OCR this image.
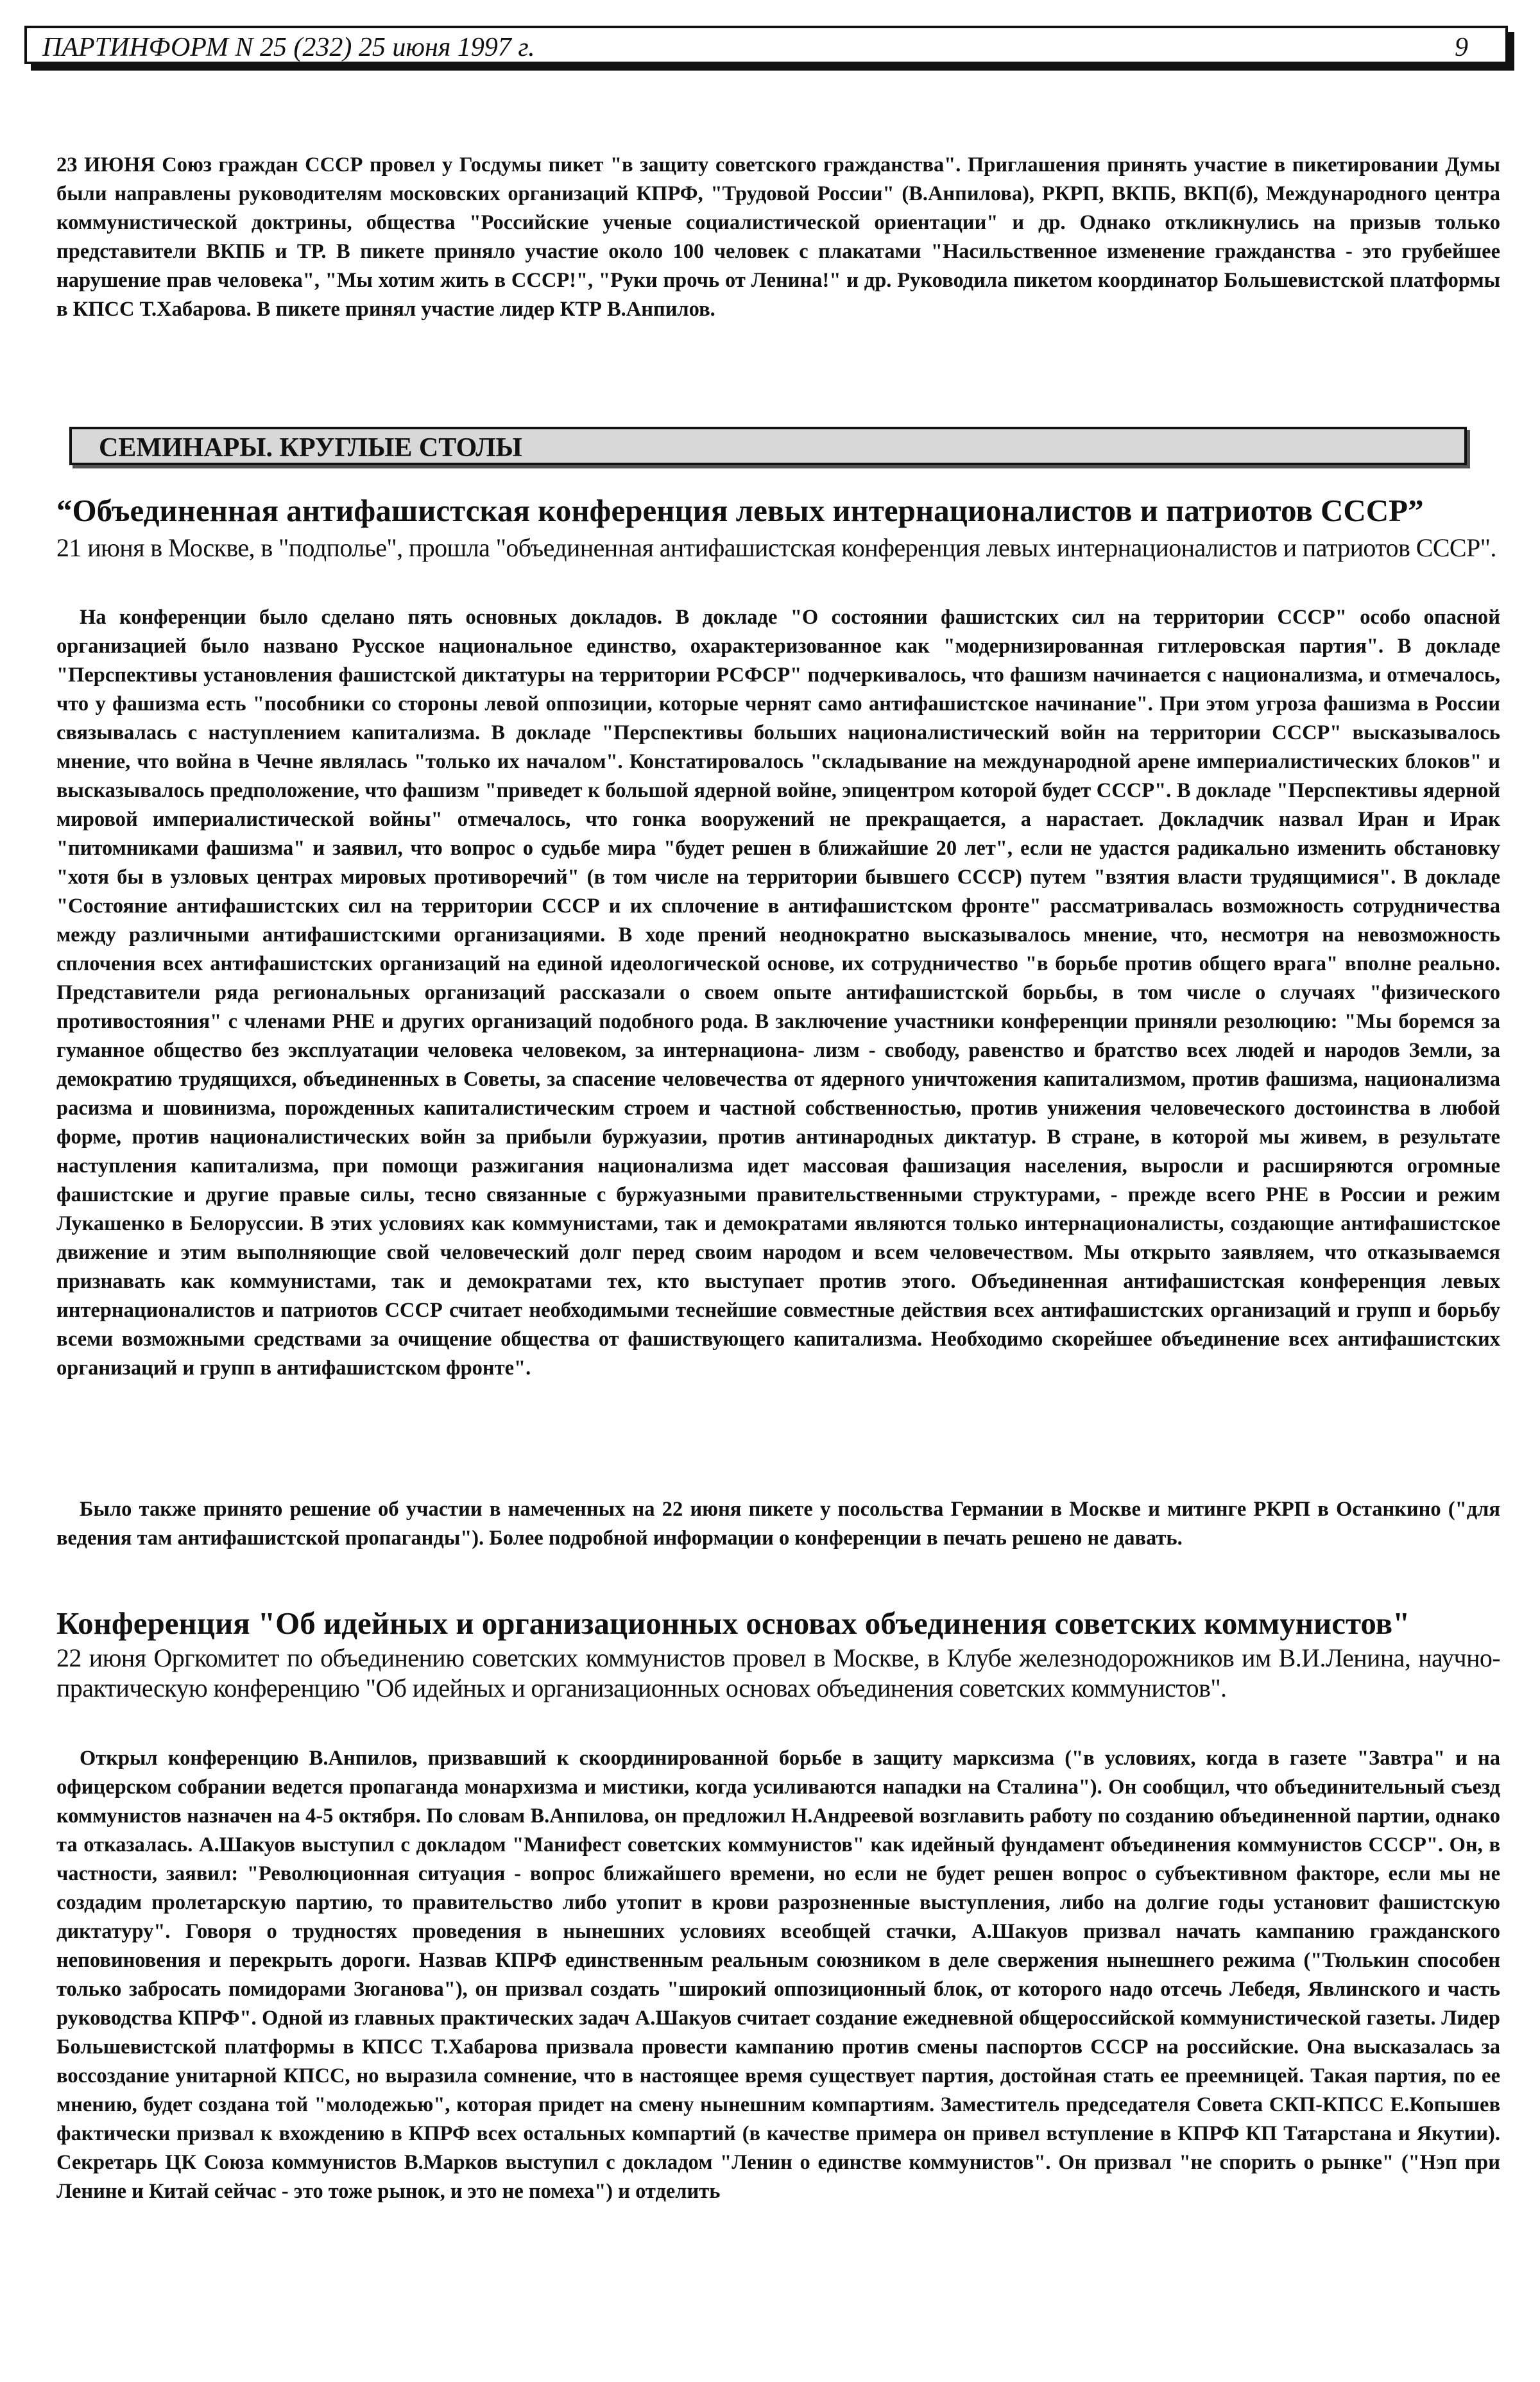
ПАРТИНФОРМ N 25 (232) 25 июня 1997 г.	9

23 ИЮНЯ Союз граждан СССР провел у Госдумы пикет "в защиту советского гражданства". Приглашения принять участие в пикетировании Думы были направлены руководителям московских организаций КПРФ, "Трудовой России" (В.Анпилова), РКРП, ВКПБ, ВКП(б), Международного центра коммунистической доктрины, общества "Российские ученые социалистической ориентации" и др. Однако откликнулись на призыв только представители ВКПБ и ТР. В пикете приняло участие около 100 человек с плакатами "Насильственное изменение гражданства - это грубейшее нарушение прав человека", "Мы хотим жить в СССР!", "Руки прочь от Ленина!" и др. Руководила пикетом координатор Большевистской платформы в КПСС Т.Хабарова. В пикете принял участие лидер КТР В.Анпилов.

СЕМИНАРЫ. КРУГЛЫЕ СТОЛЫ
“Объединенная антифашистская конференция левых интернационалистов и патриотов СССР”

21 июня в Москве, в "подполье", прошла "объединенная антифашистская конференция левых интернационалистов и патриотов СССР".

На конференции было сделано пять основных докладов. В докладе "О состоянии фашистских сил на территории СССР" особо опасной организацией было названо Русское национальное единство, охарактеризованное как "модернизированная гитлеровская партия". В докладе "Перспективы установления фашистской диктатуры на территории РСФСР" подчеркивалось, что фашизм начинается с национализма, и отмечалось, что у фашизма есть "пособники со стороны левой оппозиции, которые чернят само антифашистское начинание". При этом угроза фашизма в России связывалась с наступлением капитализма. В докладе "Перспективы больших националистический войн на территории СССР" высказывалось мнение, что война в Чечне являлась "только их началом". Констатировалось "складывание на международной арене империалистических блоков" и высказывалось предположение, что фашизм "приведет к большой ядерной войне, эпицентром которой будет СССР". В докладе "Перспективы ядерной мировой империалистической войны" отмечалось, что гонка вооружений не прекращается, а нарастает. Докладчик назвал Иран и Ирак "питомниками фашизма" и заявил, что вопрос о судьбе мира "будет решен в ближайшие 20 лет", если не удастся радикально изменить обстановку "хотя бы в узловых центрах мировых противоречий" (в том числе на территории бывшего СССР) путем "взятия власти трудящимися". В докладе "Состояние антифашистских сил на территории СССР и их сплочение в антифашистском фронте" рассматривалась возможность сотрудничества между различными антифашистскими организациями. В ходе прений неоднократно высказывалось мнение, что, несмотря на невозможность сплочения всех антифашистских организаций на единой идеологической основе, их сотрудничество "в борьбе против общего врага" вполне реально. Представители ряда региональных организаций рассказали о своем опыте антифашистской борьбы, в том числе о случаях "физического противостояния" с членами РНЕ и других организаций подобного рода. В заключение участники конференции приняли резолюцию: "Мы боремся за гуманное общество без эксплуатации человека человеком, за интернациона- лизм - свободу, равенство и братство всех людей и народов Земли, за демократию трудящихся, объединенных в Советы, за спасение человечества от ядерного уничтожения капитализмом, против фашизма, национализма расизма и шовинизма, порожденных капиталистическим строем и частной собственностью, против унижения человеческого достоинства в любой форме, против националистических войн за прибыли буржуазии, против антинародных диктатур. В стране, в которой мы живем, в результате наступления капитализма, при помощи разжигания национализма идет массовая фашизация населения, выросли и расширяются огромные фашистские и другие правые силы, тесно связанные с буржуазными правительственными структурами, - прежде всего РНЕ в России и режим Лукашенко в Белоруссии. В этих условиях как коммунистами, так и демократами являются только интернационалисты, создающие антифашистское движение и этим выполняющие свой человеческий долг перед своим народом и всем человечеством. Мы открыто заявляем, что отказываемся признавать как коммунистами, так и демократами тех, кто выступает против этого. Объединенная антифашистская конференция левых интернационалистов и патриотов СССР считает необходимыми теснейшие совместные действия всех антифашистских организаций и групп и борьбу всеми возможными средствами за очищение общества от фашиствующего капитализма. Необходимо скорейшее объединение всех антифашистских организаций и групп в антифашистском фронте".

Было также принято решение об участии в намеченных на 22 июня пикете у посольства Германии в Москве и митинге РКРП в Останкино ("для ведения там антифашистской пропаганды"). Более подробной информации о конференции в печать решено не давать.

Конференция "Об идейных и организационных основах объединения советских коммунистов"

22 июня Оргкомитет по объединению советских коммунистов провел в Москве, в Клубе железнодорожников им В.И.Ленина, научно-практическую конференцию "Об идейных и организационных основах объединения советских коммунистов".

Открыл конференцию В.Анпилов, призвавший к скоординированной борьбе в защиту марксизма ("в условиях, когда в газете "Завтра" и на офицерском собрании ведется пропаганда монархизма и мистики, когда усиливаются нападки на Сталина"). Он сообщил, что объединительный съезд коммунистов назначен на 4-5 октября. По словам В.Анпилова, он предложил Н.Андреевой возглавить работу по созданию объединенной партии, однако та отказалась. А.Шакуов выступил с докладом "Манифест советских коммунистов" как идейный фундамент объединения коммунистов СССР". Он, в частности, заявил: "Революционная ситуация - вопрос ближайшего времени, но если не будет решен вопрос о субъективном факторе, если мы не создадим пролетарскую партию, то правительство либо утопит в крови разрозненные выступления, либо на долгие годы установит фашистскую диктатуру". Говоря о трудностях проведения в нынешних условиях всеобщей стачки, А.Шакуов призвал начать кампанию гражданского неповиновения и перекрыть дороги. Назвав КПРФ единственным реальным союзником в деле свержения нынешнего режима ("Тюлькин способен только забросать помидорами Зюганова"), он призвал создать "широкий оппозиционный блок, от которого надо отсечь Лебедя, Явлинского и часть руководства КПРФ". Одной из главных практических задач А.Шакуов считает создание ежедневной общероссийской коммунистической газеты. Лидер Большевистской платформы в КПСС Т.Хабарова призвала провести кампанию против смены паспортов СССР на российские. Она высказалась за воссоздание унитарной КПСС, но выразила сомнение, что в настоящее время существует партия, достойная стать ее преемницей. Такая партия, по ее мнению, будет создана той "молодежью", которая придет на смену нынешним компартиям. Заместитель председателя Совета СКП-КПСС Е.Копышев фактически призвал к вхождению в КПРФ всех остальных компартий (в качестве примера он привел вступление в КПРФ КП Татарстана и Якутии). Секретарь ЦК Союза коммунистов В.Марков выступил с докладом "Ленин о единстве коммунистов". Он призвал "не спорить о рынке" ("Нэп при Ленине и Китай сейчас - это тоже рынок, и это не помеха") и отделить
